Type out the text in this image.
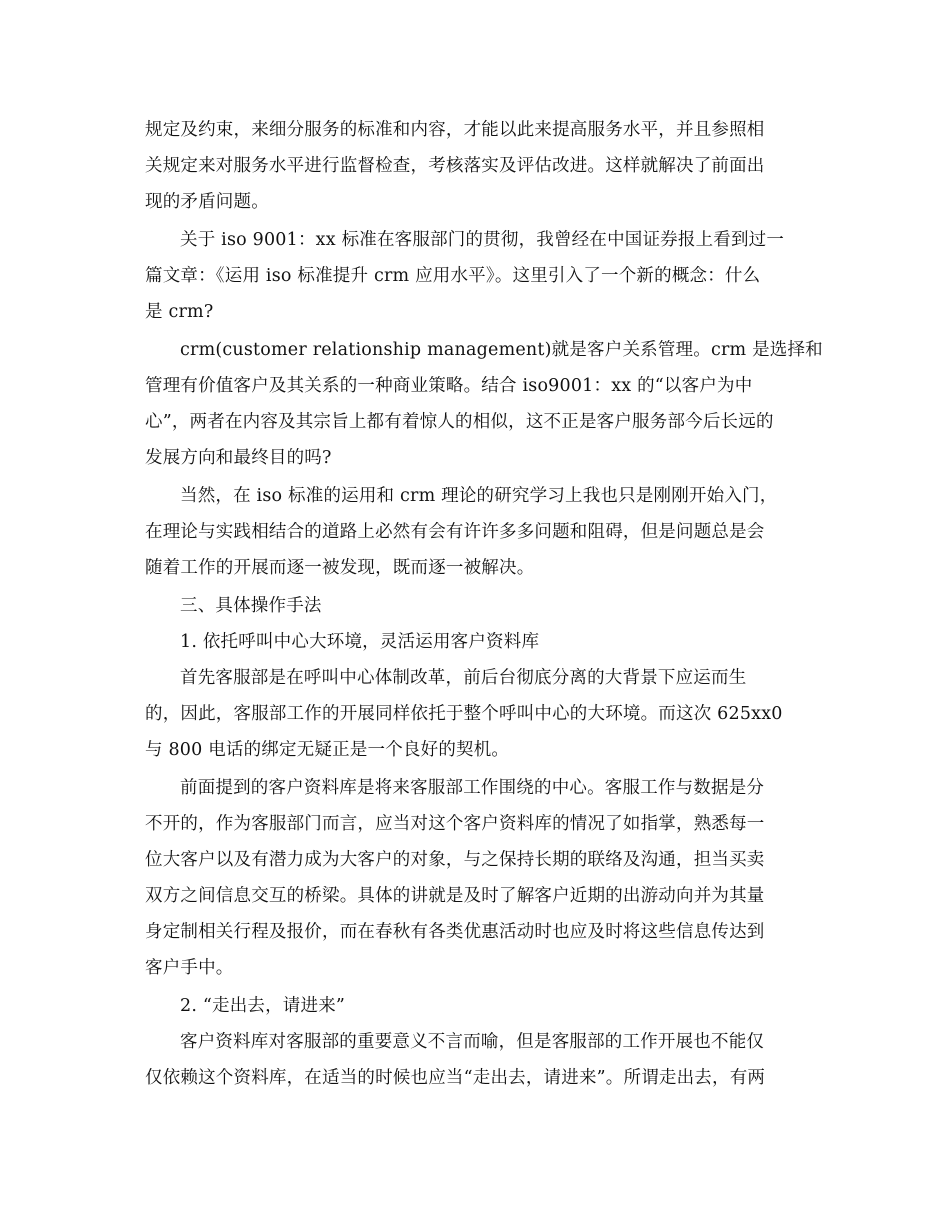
规定及约束，来细分服务的标准和内容，才能以此来提高服务水平，并且参照相
关规定来对服务水平进行监督检查，考核落实及评估改进。这样就解决了前面出
现的矛盾问题。
关于 iso 9001：xx 标准在客服部门的贯彻，我曾经在中国证券报上看到过一
篇文章：《运用 iso 标准提升 crm 应用水平》。这里引入了一个新的概念：什么
是 crm?
crm(customer relationship management)就是客户关系管理。crm 是选择和
管理有价值客户及其关系的一种商业策略。结合 iso9001：xx 的“以客户为中
心”，两者在内容及其宗旨上都有着惊人的相似，这不正是客户服务部今后长远的
发展方向和最终目的吗?
当然，在 iso 标准的运用和 crm 理论的研究学习上我也只是刚刚开始入门，
在理论与实践相结合的道路上必然有会有许许多多问题和阻碍，但是问题总是会
随着工作的开展而逐一被发现，既而逐一被解决。
三、具体操作手法
1. 依托呼叫中心大环境，灵活运用客户资料库
首先客服部是在呼叫中心体制改革，前后台彻底分离的大背景下应运而生
的，因此，客服部工作的开展同样依托于整个呼叫中心的大环境。而这次 625xx0
与 800 电话的绑定无疑正是一个良好的契机。
前面提到的客户资料库是将来客服部工作围绕的中心。客服工作与数据是分
不开的，作为客服部门而言，应当对这个客户资料库的情况了如指掌，熟悉每一
位大客户以及有潜力成为大客户的对象，与之保持长期的联络及沟通，担当买卖
双方之间信息交互的桥梁。具体的讲就是及时了解客户近期的出游动向并为其量
身定制相关行程及报价，而在春秋有各类优惠活动时也应及时将这些信息传达到
客户手中。
2. “走出去，请进来”
客户资料库对客服部的重要意义不言而喻，但是客服部的工作开展也不能仅
仅依赖这个资料库，在适当的时候也应当“走出去，请进来”。所谓走出去，有两
